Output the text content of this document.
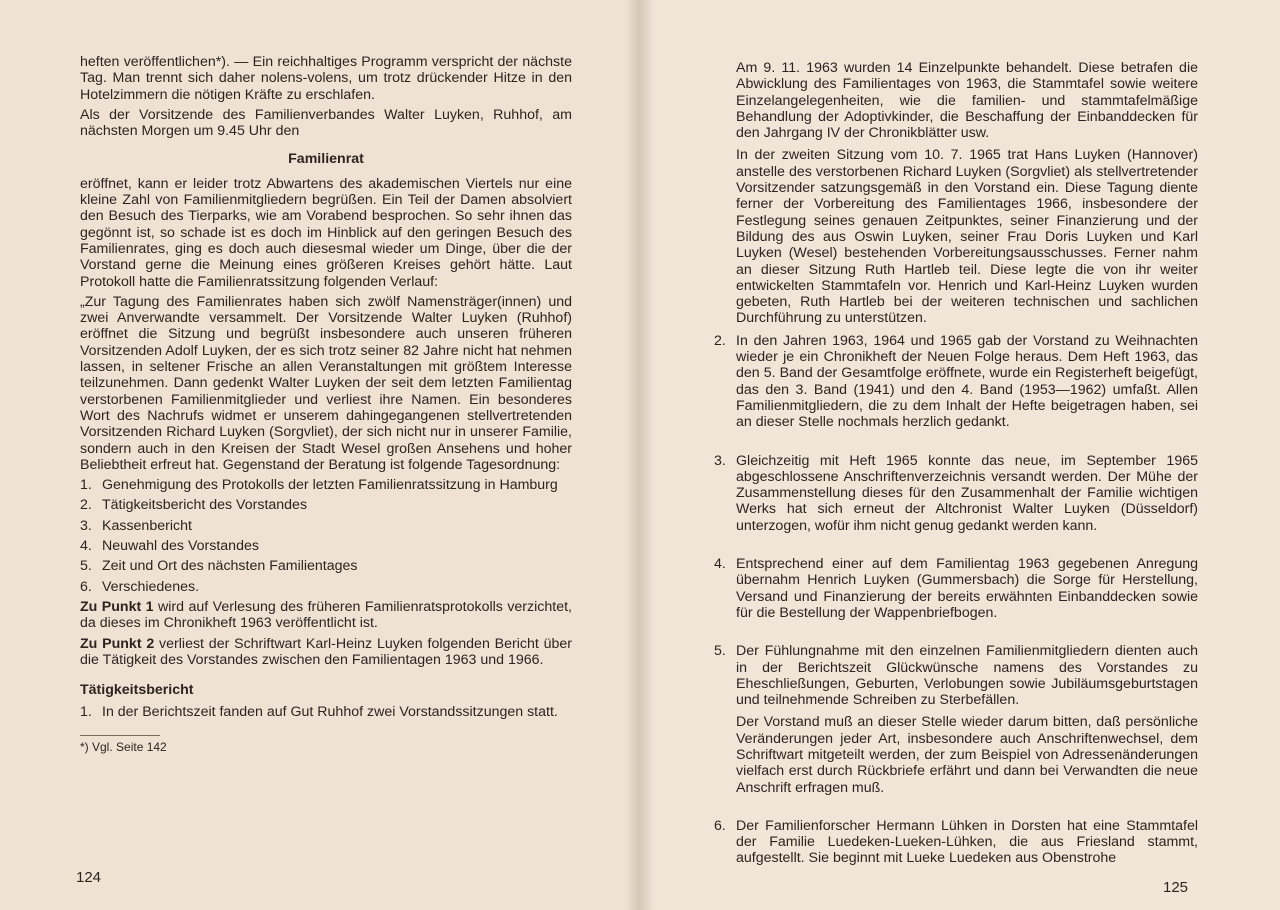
heften veröffentlichen*). — Ein reichhaltiges Programm verspricht der nächste Tag. Man trennt sich daher nolens-volens, um trotz drückender Hitze in den Hotelzimmern die nötigen Kräfte zu erschlafen.

Als der Vorsitzende des Familienverbandes Walter Luyken, Ruhhof, am nächsten Morgen um 9.45 Uhr den

Familienrat

eröffnet, kann er leider trotz Abwartens des akademischen Viertels nur eine kleine Zahl von Familienmitgliedern begrüßen. Ein Teil der Damen absolviert den Besuch des Tierparks, wie am Vorabend besprochen. So sehr ihnen das gegönnt ist, so schade ist es doch im Hinblick auf den geringen Besuch des Familienrates, ging es doch auch diesesmal wieder um Dinge, über die der Vorstand gerne die Meinung eines größeren Kreises gehört hätte. Laut Protokoll hatte die Familienratssitzung folgenden Verlauf:

„Zur Tagung des Familienrates haben sich zwölf Namensträger(innen) und zwei Anverwandte versammelt. Der Vorsitzende Walter Luyken (Ruhhof) eröffnet die Sitzung und begrüßt insbesondere auch unseren früheren Vorsitzenden Adolf Luyken, der es sich trotz seiner 82 Jahre nicht hat nehmen lassen, in seltener Frische an allen Veranstaltungen mit größtem Interesse teilzunehmen. Dann gedenkt Walter Luyken der seit dem letzten Familientag verstorbenen Familienmitglieder und verliest ihre Namen. Ein besonderes Wort des Nachrufs widmet er unserem dahingegangenen stellvertretenden Vorsitzenden Richard Luyken (Sorgvliet), der sich nicht nur in unserer Familie, sondern auch in den Kreisen der Stadt Wesel großen Ansehens und hoher Beliebtheit erfreut hat. Gegenstand der Beratung ist folgende Tagesordnung:

1. Genehmigung des Protokolls der letzten Familienratssitzung in Hamburg
2. Tätigkeitsbericht des Vorstandes
3. Kassenbericht
4. Neuwahl des Vorstandes
5. Zeit und Ort des nächsten Familientages
6. Verschiedenes.

Zu Punkt 1 wird auf Verlesung des früheren Familienratsprotokolls verzichtet, da dieses im Chronikheft 1963 veröffentlicht ist.

Zu Punkt 2 verliest der Schriftwart Karl-Heinz Luyken folgenden Bericht über die Tätigkeit des Vorstandes zwischen den Familientagen 1963 und 1966.

Tätigkeitsbericht
1. In der Berichtszeit fanden auf Gut Ruhhof zwei Vorstandssitzungen statt.
*) Vgl. Seite 142
124

Am 9. 11. 1963 wurden 14 Einzelpunkte behandelt. Diese betrafen die Abwicklung des Familientages von 1963, die Stammtafel sowie weitere Einzelangelegenheiten, wie die familien- und stammtafelmäßige Behandlung der Adoptivkinder, die Beschaffung der Einbanddecken für den Jahrgang IV der Chronikblätter usw.

In der zweiten Sitzung vom 10. 7. 1965 trat Hans Luyken (Hannover) anstelle des verstorbenen Richard Luyken (Sorgvliet) als stellvertretender Vorsitzender satzungsgemäß in den Vorstand ein. Diese Tagung diente ferner der Vorbereitung des Familientages 1966, insbesondere der Festlegung seines genauen Zeitpunktes, seiner Finanzierung und der Bildung des aus Oswin Luyken, seiner Frau Doris Luyken und Karl Luyken (Wesel) bestehenden Vorbereitungsausschusses. Ferner nahm an dieser Sitzung Ruth Hartleb teil. Diese legte die von ihr weiter entwickelten Stammtafeln vor. Henrich und Karl-Heinz Luyken wurden gebeten, Ruth Hartleb bei der weiteren technischen und sachlichen Durchführung zu unterstützen.

2. In den Jahren 1963, 1964 und 1965 gab der Vorstand zu Weihnachten wieder je ein Chronikheft der Neuen Folge heraus. Dem Heft 1963, das den 5. Band der Gesamtfolge eröffnete, wurde ein Registerheft beigefügt, das den 3. Band (1941) und den 4. Band (1953—1962) umfaßt. Allen Familienmitgliedern, die zu dem Inhalt der Hefte beigetragen haben, sei an dieser Stelle nochmals herzlich gedankt.

3. Gleichzeitig mit Heft 1965 konnte das neue, im September 1965 abgeschlossene Anschriftenverzeichnis versandt werden. Der Mühe der Zusammenstellung dieses für den Zusammenhalt der Familie wichtigen Werks hat sich erneut der Altchronist Walter Luyken (Düsseldorf) unterzogen, wofür ihm nicht genug gedankt werden kann.

4. Entsprechend einer auf dem Familientag 1963 gegebenen Anregung übernahm Henrich Luyken (Gummersbach) die Sorge für Herstellung, Versand und Finanzierung der bereits erwähnten Einbanddecken sowie für die Bestellung der Wappenbriefbogen.

5. Der Fühlungnahme mit den einzelnen Familienmitgliedern dienten auch in der Berichtszeit Glückwünsche namens des Vorstandes zu Eheschließungen, Geburten, Verlobungen sowie Jubiläumsgeburtstagen und teilnehmende Schreiben zu Sterbefällen.

Der Vorstand muß an dieser Stelle wieder darum bitten, daß persönliche Veränderungen jeder Art, insbesondere auch Anschriftenwechsel, dem Schriftwart mitgeteilt werden, der zum Beispiel von Adressenänderungen vielfach erst durch Rückbriefe erfährt und dann bei Verwandten die neue Anschrift erfragen muß.

6. Der Familienforscher Hermann Lühken in Dorsten hat eine Stammtafel der Familie Luedeken-Lueken-Lühken, die aus Friesland stammt, aufgestellt. Sie beginnt mit Lueke Luedeken aus Obenstrohe

125
